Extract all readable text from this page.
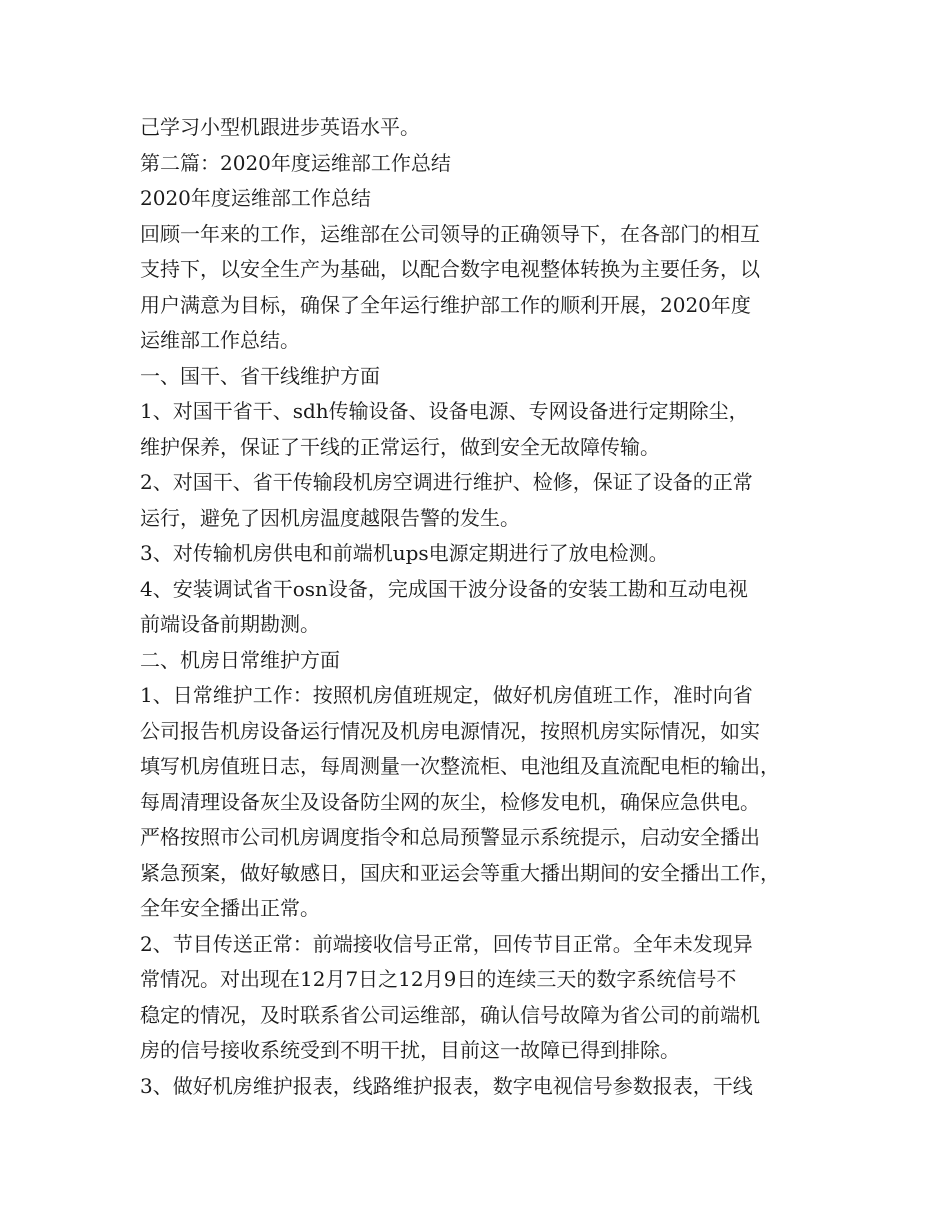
己学习小型机跟进步英语水平。
第二篇：2020年度运维部工作总结
2020年度运维部工作总结
回顾一年来的工作，运维部在公司领导的正确领导下，在各部门的相互
支持下，以安全生产为基础，以配合数字电视整体转换为主要任务，以
用户满意为目标，确保了全年运行维护部工作的顺利开展，2020年度
运维部工作总结。
一、国干、省干线维护方面
1、对国干省干、sdh传输设备、设备电源、专网设备进行定期除尘，
维护保养，保证了干线的正常运行，做到安全无故障传输。
2、对国干、省干传输段机房空调进行维护、检修，保证了设备的正常
运行，避免了因机房温度越限告警的发生。
3、对传输机房供电和前端机ups电源定期进行了放电检测。
4、安装调试省干osn设备，完成国干波分设备的安装工勘和互动电视
前端设备前期勘测。
二、机房日常维护方面
1、日常维护工作：按照机房值班规定，做好机房值班工作，准时向省
公司报告机房设备运行情况及机房电源情况，按照机房实际情况，如实
填写机房值班日志，每周测量一次整流柜、电池组及直流配电柜的输出，
每周清理设备灰尘及设备防尘网的灰尘，检修发电机，确保应急供电。
严格按照市公司机房调度指令和总局预警显示系统提示，启动安全播出
紧急预案，做好敏感日，国庆和亚运会等重大播出期间的安全播出工作，
全年安全播出正常。
2、节目传送正常：前端接收信号正常，回传节目正常。全年未发现异
常情况。对出现在12月7日之12月9日的连续三天的数字系统信号不
稳定的情况，及时联系省公司运维部，确认信号故障为省公司的前端机
房的信号接收系统受到不明干扰，目前这一故障已得到排除。
3、做好机房维护报表，线路维护报表，数字电视信号参数报表，干线
